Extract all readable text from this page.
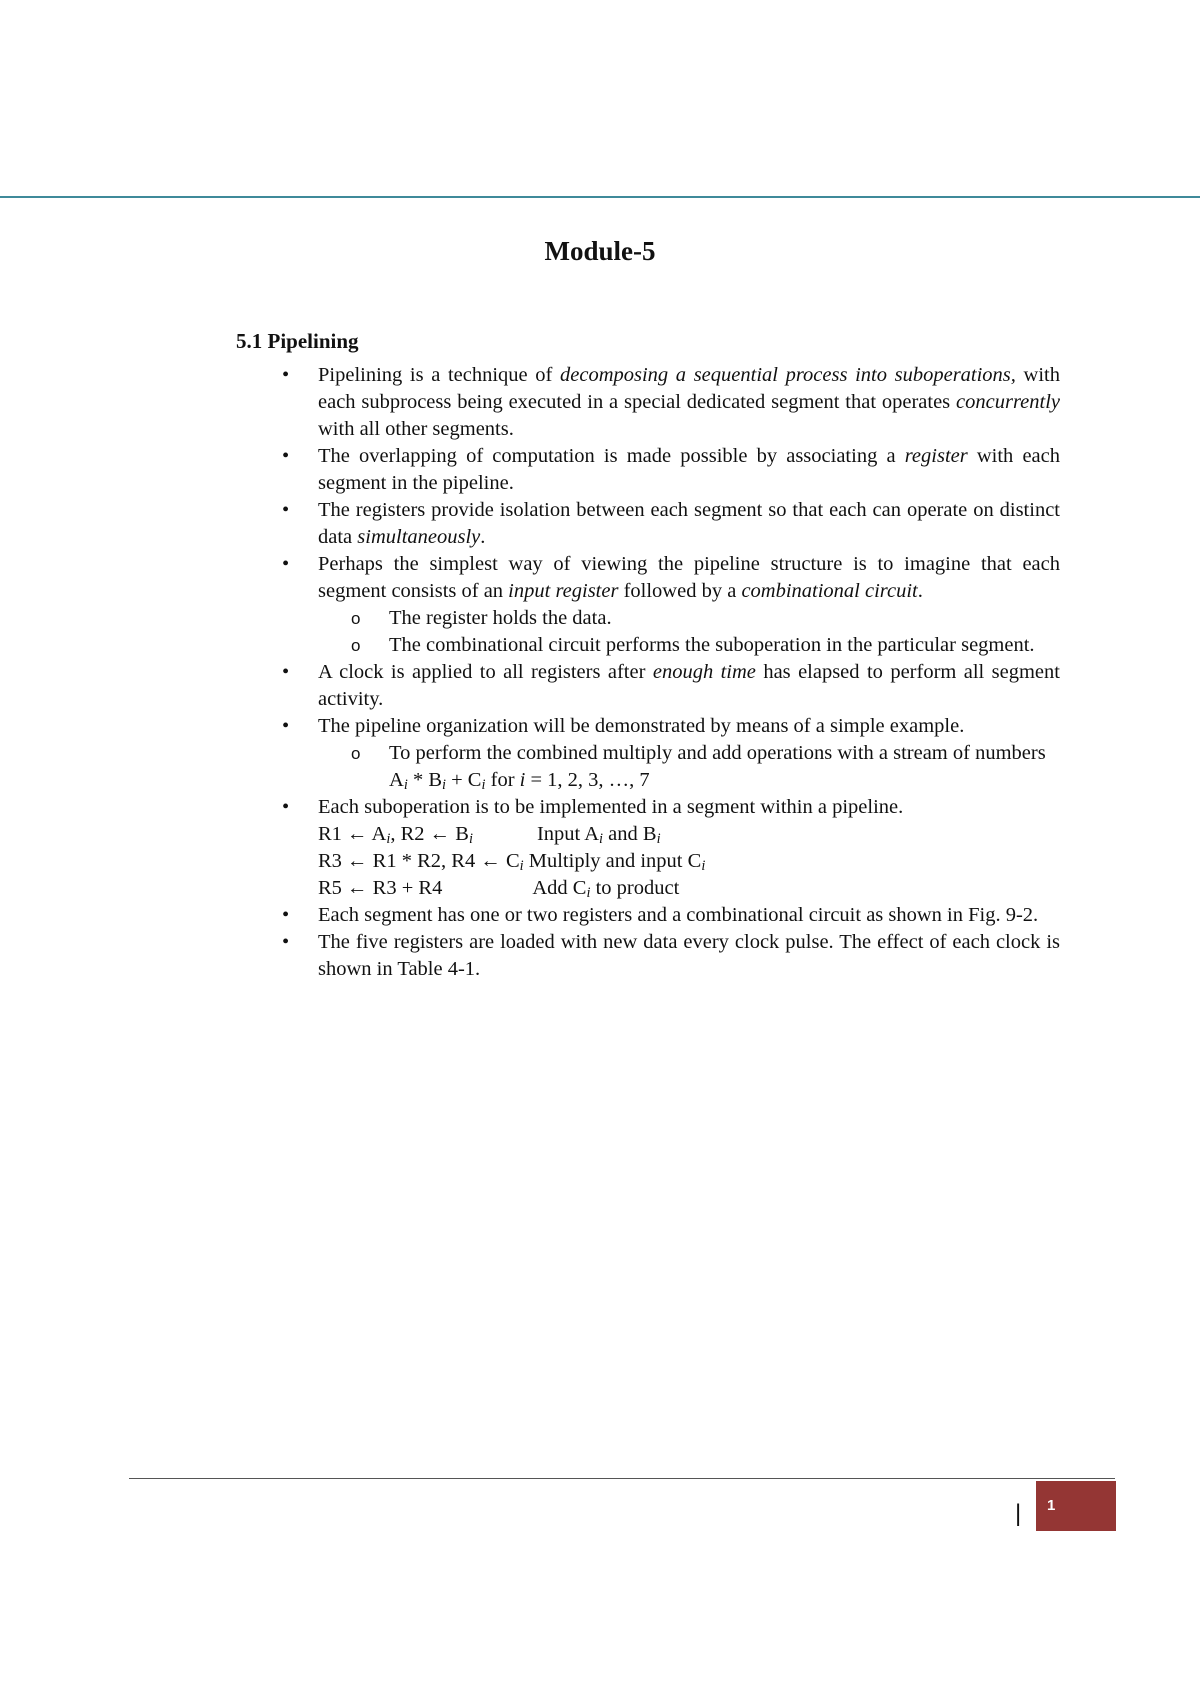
Module-5
5.1 Pipelining
• Pipelining is a technique of decomposing a sequential process into suboperations, with each subprocess being executed in a special dedicated segment that operates concurrently with all other segments.
• The overlapping of computation is made possible by associating a register with each segment in the pipeline.
• The registers provide isolation between each segment so that each can operate on distinct data simultaneously.
• Perhaps the simplest way of viewing the pipeline structure is to imagine that each segment consists of an input register followed by a combinational circuit.
o The register holds the data.
o The combinational circuit performs the suboperation in the particular segment.
• A clock is applied to all registers after enough time has elapsed to perform all segment activity.
• The pipeline organization will be demonstrated by means of a simple example.
o To perform the combined multiply and add operations with a stream of numbers
$A_i * B_i + C_i$ for i = 1, 2, 3, …, 7
• Each suboperation is to be implemented in a segment within a pipeline.
R1 ← $A_i$, R2 ← $B_i$	Input $A_i$ and $B_i$
R3 ← R1 * R2, R4 ← $C_i$ Multiply and input $C_i$
R5 ← R3 + R4	Add $C_i$ to product
• Each segment has one or two registers and a combinational circuit as shown in Fig. 9-2.
• The five registers are loaded with new data every clock pulse. The effect of each clock is shown in Table 4-1.
|	1
